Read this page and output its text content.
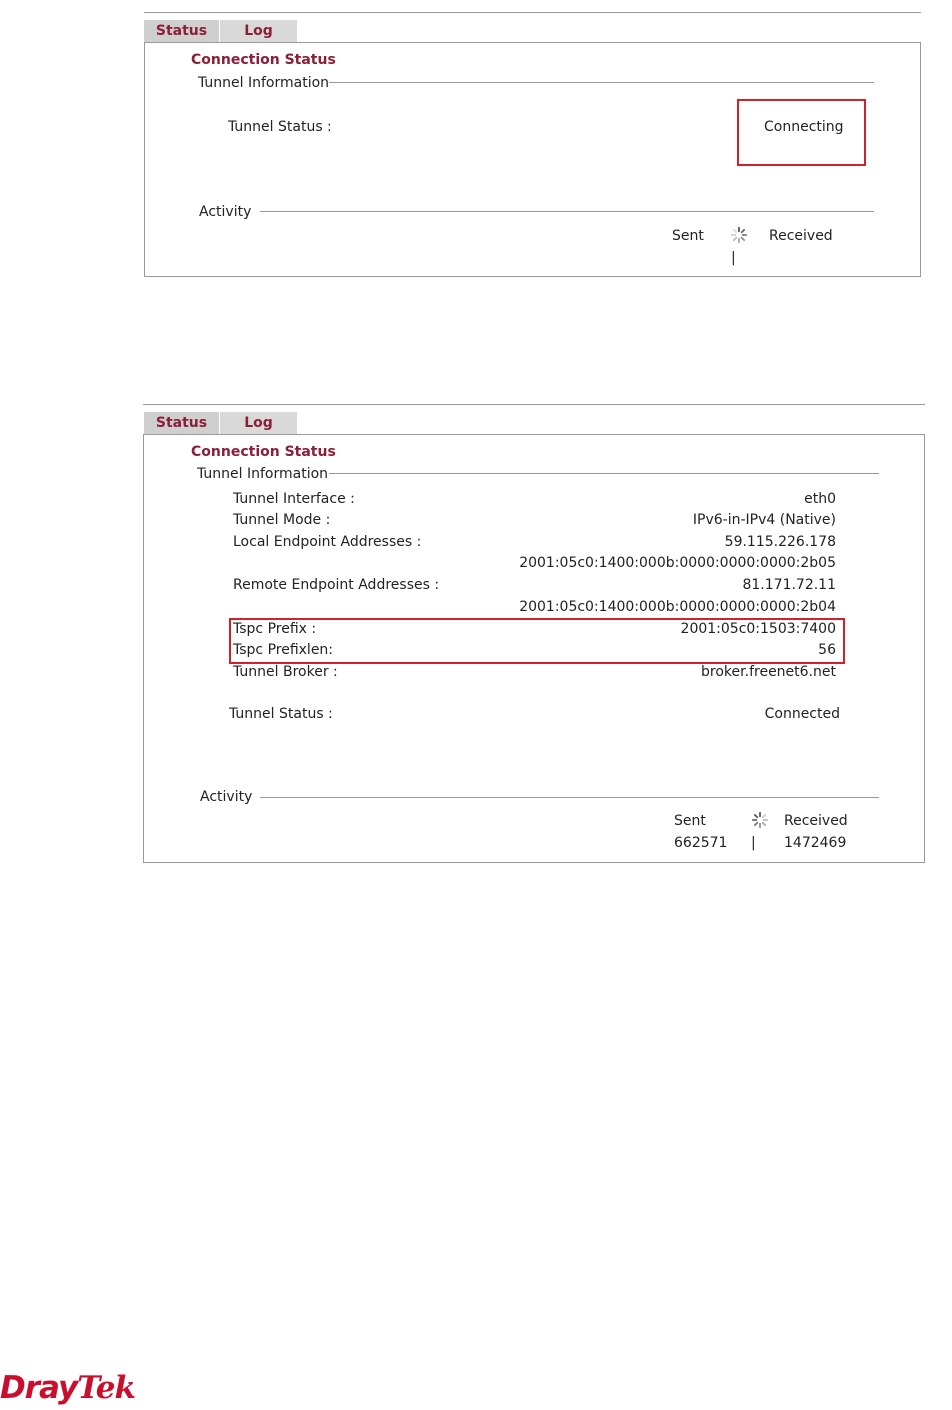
Status	Log
Connection Status
Tunnel Information
Tunnel Status :	Connecting
Activity
Sent	Received
|
Status	Log
Connection Status
Tunnel Information
Tunnel Interface :	eth0
Tunnel Mode :	IPv6-in-IPv4 (Native)
Local Endpoint Addresses :	59.115.226.178
2001:05c0:1400:000b:0000:0000:0000:2b05
Remote Endpoint Addresses :	81.171.72.11
2001:05c0:1400:000b:0000:0000:0000:2b04
Tspc Prefix :	2001:05c0:1503:7400
Tspc Prefixlen:	56
Tunnel Broker :	broker.freenet6.net
Tunnel Status :	Connected
Activity
Sent	Received
662571 | 1472469
DrayTek
